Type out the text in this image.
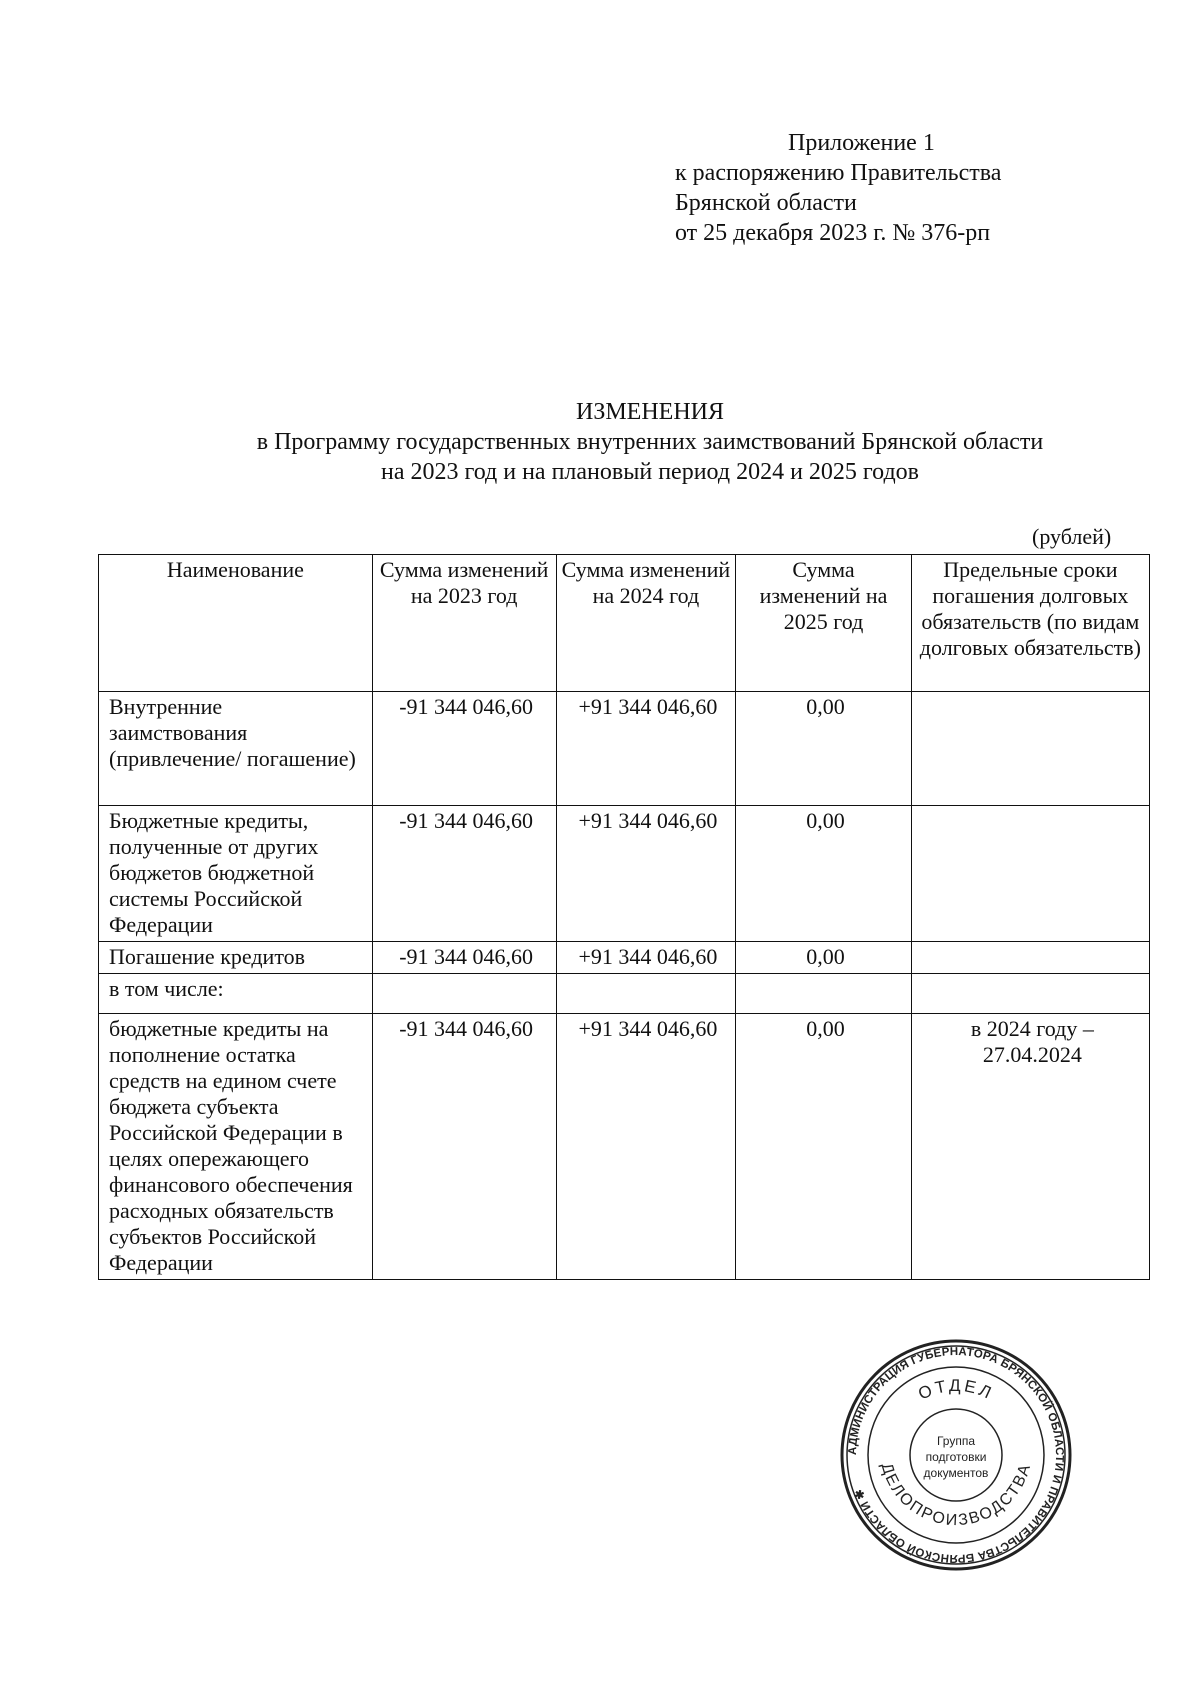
Приложение 1
к распоряжению Правительства
Брянской области
от 25 декабря 2023 г. № 376-рп
ИЗМЕНЕНИЯ
в Программу государственных внутренних заимствований Брянской области
на 2023 год и на плановый период 2024 и 2025 годов
(рублей)
Наименование	Сумма изменений на 2023 год	Сумма изменений на 2024 год	Сумма изменений на 2025 год	Предельные сроки погашения долговых обязательств (по видам долговых обязательств)
Внутренние заимствования (привлечение/ погашение)	-91 344 046,60	+91 344 046,60	0,00	
Бюджетные кредиты, полученные от других бюджетов бюджетной системы Российской Федерации	-91 344 046,60	+91 344 046,60	0,00	
Погашение кредитов	-91 344 046,60	+91 344 046,60	0,00	
в том числе:				
бюджетные кредиты на пополнение остатка средств на едином счете бюджета субъекта Российской Федерации в целях опережающего финансового обеспечения расходных обязательств субъектов Российской Федерации	-91 344 046,60	+91 344 046,60	0,00	в 2024 году – 27.04.2024
АДМИНИСТРАЦИЯ ГУБЕРНАТОРА БРЯНСКОЙ ОБЛАСТИ И ПРАВИТЕЛЬСТВА БРЯНСКОЙ ОБЛАСТИ ✱
ОТДЕЛ
ДЕЛОПРОИЗВОДСТВА
Группа
подготовки
документов
